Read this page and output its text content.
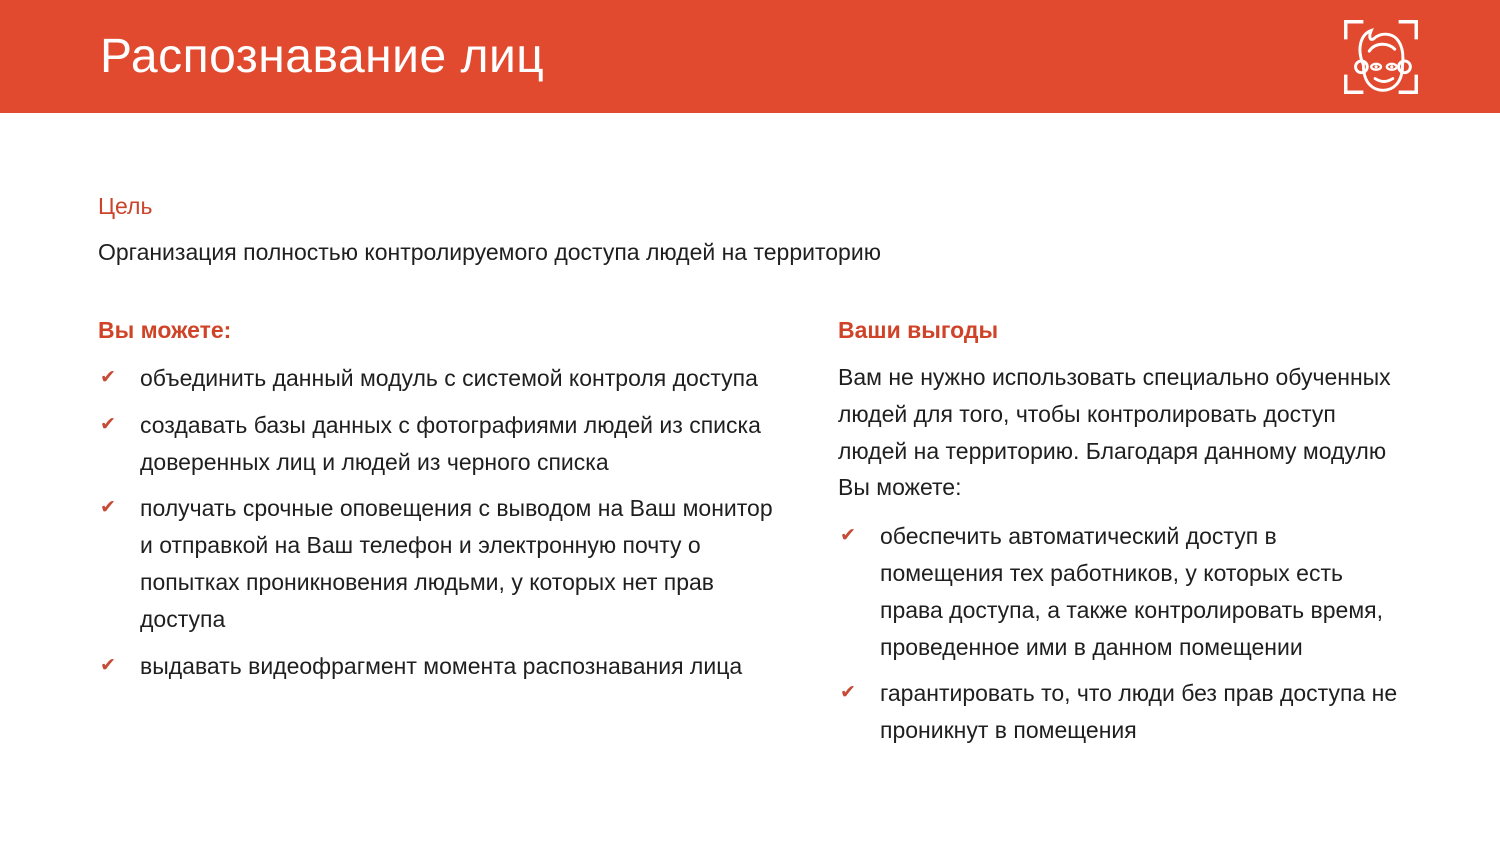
Распознавание лиц
Цель

Организация полностью контролируемого доступа людей на территорию

Вы можете:
✔ объединить данный модуль с системой контроля доступа
✔ создавать базы данных с фотографиями людей из списка доверенных лиц и людей из черного списка
✔ получать срочные оповещения с выводом на Ваш монитор и отправкой на Ваш телефон и электронную почту о попытках проникновения людьми, у которых нет прав доступа
✔ выдавать видеофрагмент момента распознавания лица
Ваши выгоды

Вам не нужно использовать специально обученных людей для того, чтобы контролировать доступ людей на территорию. Благодаря данному модулю Вы можете:

✔ обеспечить автоматический доступ в помещения тех работников, у которых есть права доступа, а также контролировать время, проведенное ими в данном помещении
✔ гарантировать то, что люди без прав доступа не проникнут в помещения
